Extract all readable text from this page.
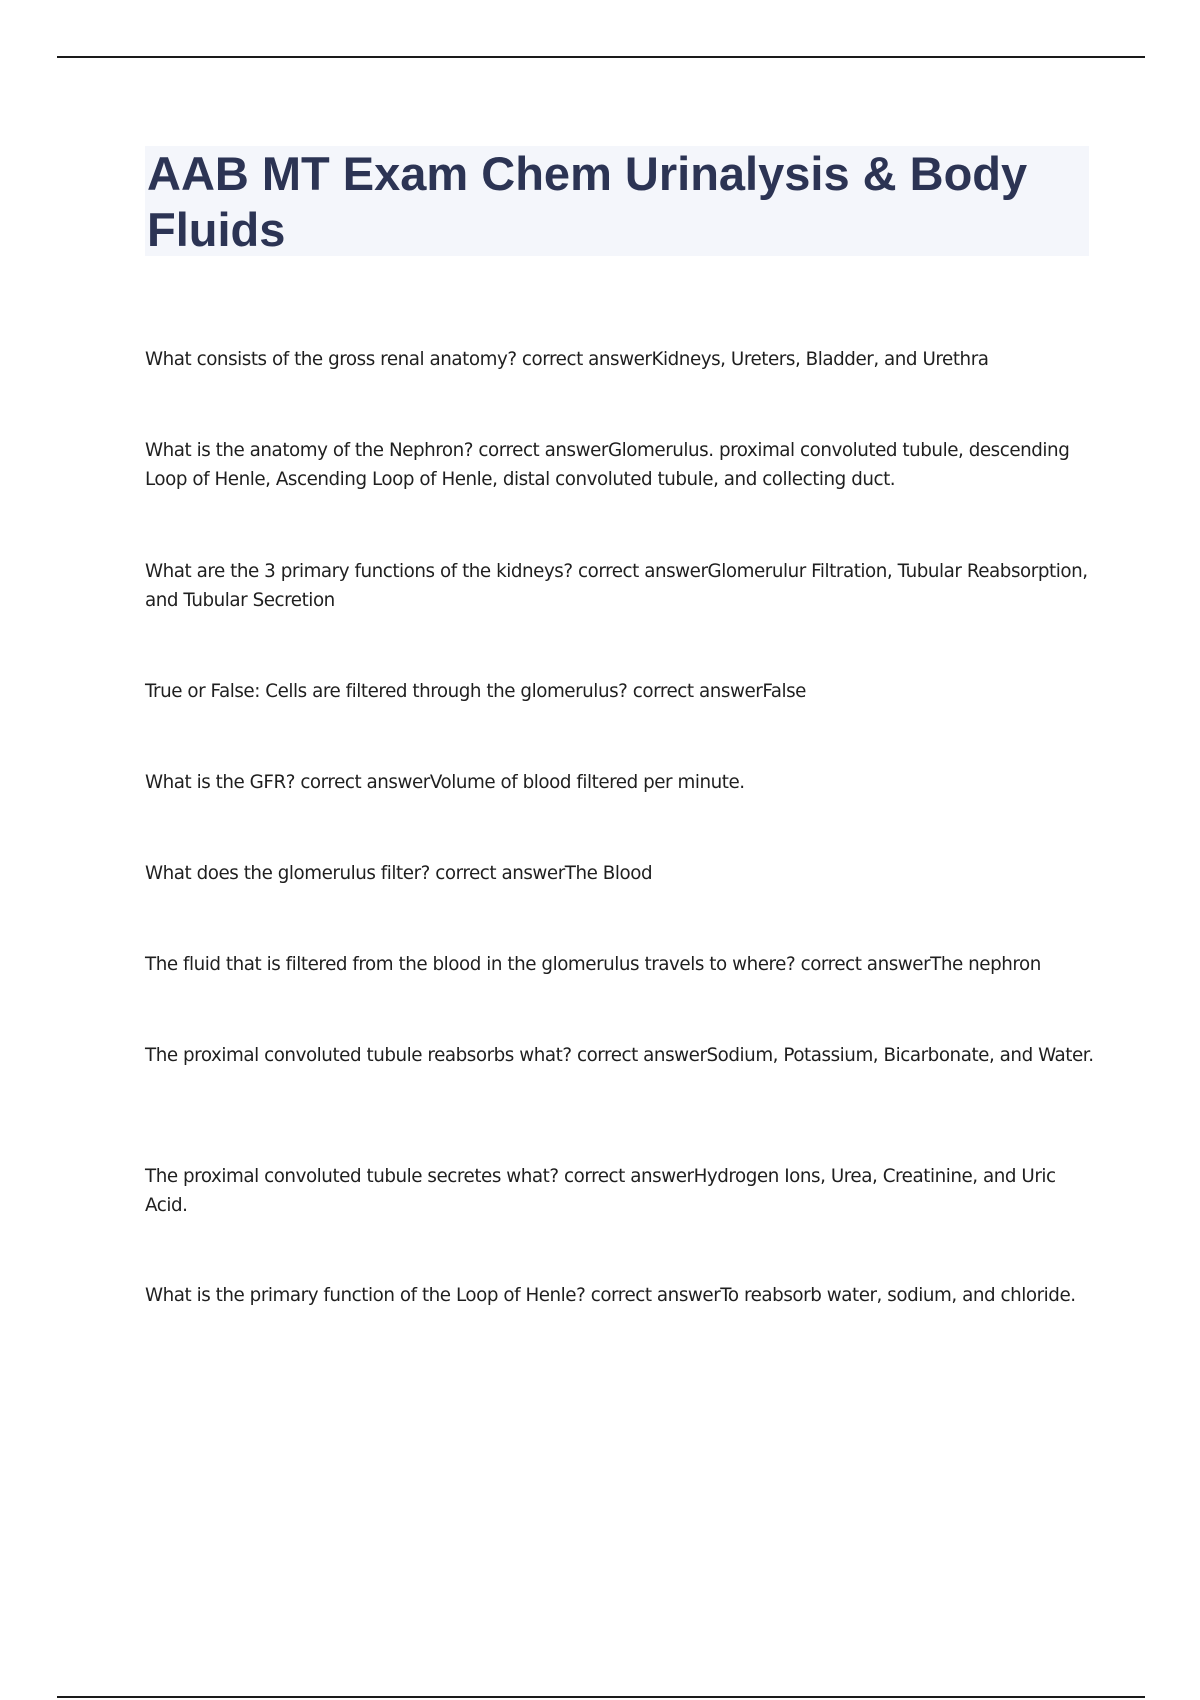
AAB MT Exam Chem Urinalysis & Body Fluids

What consists of the gross renal anatomy? correct answerKidneys, Ureters, Bladder, and Urethra

What is the anatomy of the Nephron? correct answerGlomerulus. proximal convoluted tubule, descending Loop of Henle, Ascending Loop of Henle, distal convoluted tubule, and collecting duct.

What are the 3 primary functions of the kidneys? correct answerGlomerulur Filtration, Tubular Reabsorption, and Tubular Secretion

True or False: Cells are filtered through the glomerulus? correct answerFalse

What is the GFR? correct answerVolume of blood filtered per minute.

What does the glomerulus filter? correct answerThe Blood

The fluid that is filtered from the blood in the glomerulus travels to where? correct answerThe nephron

The proximal convoluted tubule reabsorbs what? correct answerSodium, Potassium, Bicarbonate, and Water.

The proximal convoluted tubule secretes what? correct answerHydrogen Ions, Urea, Creatinine, and Uric Acid.

What is the primary function of the Loop of Henle? correct answerTo reabsorb water, sodium, and chloride.
